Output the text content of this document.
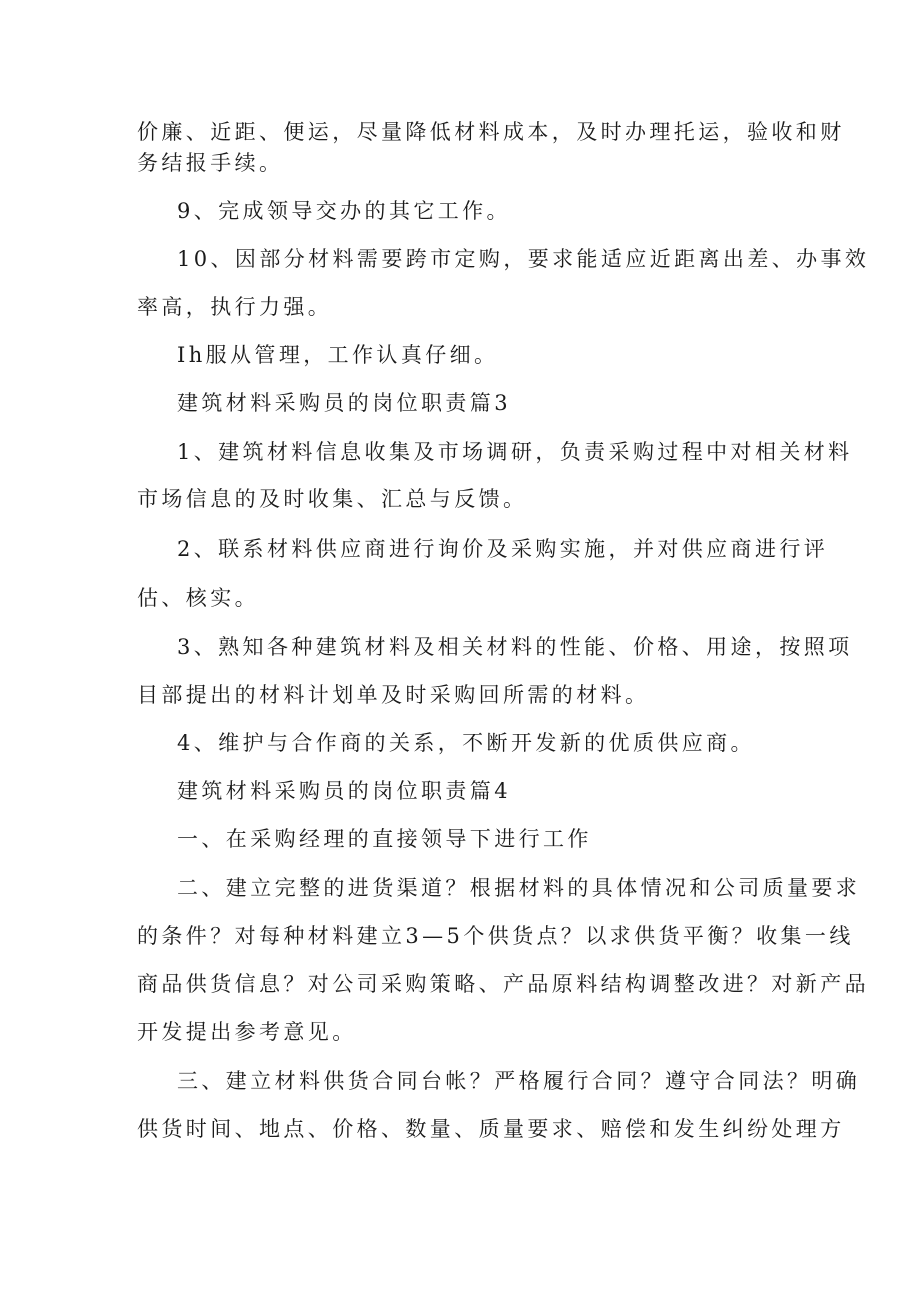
价廉、近距、便运，尽量降低材料成本，及时办理托运，验收和财
务结报手续。
9、完成领导交办的其它工作。
10、因部分材料需要跨市定购，要求能适应近距离出差、办事效
率高，执行力强。
Ih服从管理，工作认真仔细。
建筑材料采购员的岗位职责篇3
1、建筑材料信息收集及市场调研，负责采购过程中对相关材料
市场信息的及时收集、汇总与反馈。
2、联系材料供应商进行询价及采购实施，并对供应商进行评
估、核实。
3、熟知各种建筑材料及相关材料的性能、价格、用途，按照项
目部提出的材料计划单及时采购回所需的材料。
4、维护与合作商的关系，不断开发新的优质供应商。
建筑材料采购员的岗位职责篇4
一、在采购经理的直接领导下进行工作
二、建立完整的进货渠道？根据材料的具体情况和公司质量要求
的条件？对每种材料建立3—5个供货点？以求供货平衡？收集一线
商品供货信息？对公司采购策略、产品原料结构调整改进？对新产品
开发提出参考意见。
三、建立材料供货合同台帐？严格履行合同？遵守合同法？明确
供货时间、地点、价格、数量、质量要求、赔偿和发生纠纷处理方
